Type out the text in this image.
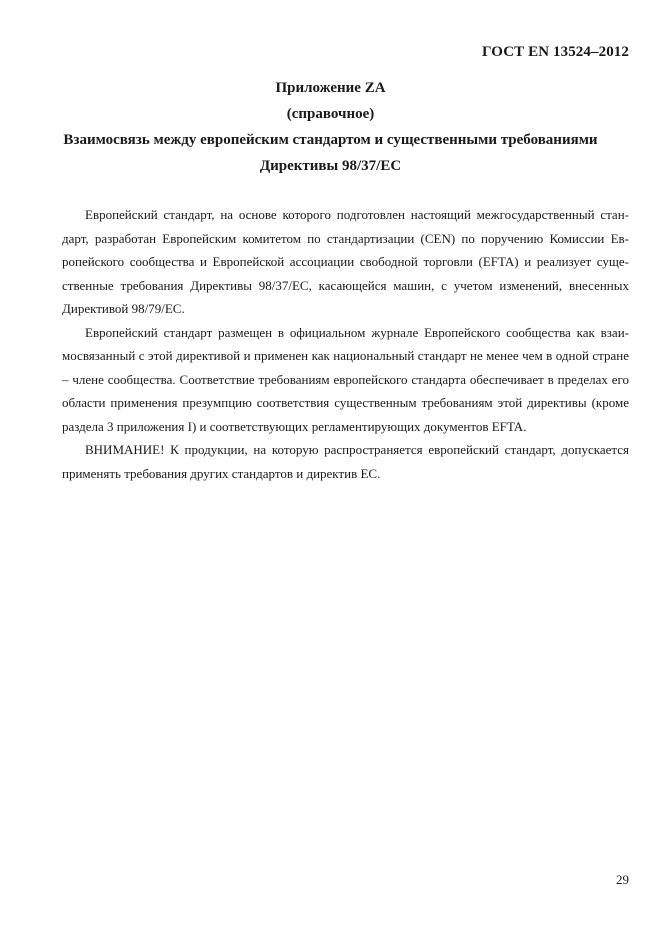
ГОСТ EN 13524–2012
Приложение ZA
(справочное)
Взаимосвязь между европейским стандартом и существенными требованиями
Директивы 98/37/ЕС

Европейский стандарт, на основе которого подготовлен настоящий межгосударственный стандарт, разработан Европейским комитетом по стандартизации (CEN) по поручению Комиссии Европейского сообщества и Европейской ассоциации свободной торговли (EFTA) и реализует существенные требования Директивы 98/37/ЕС, касающейся машин, с учетом изменений, внесенных Директивой 98/79/ЕС.

Европейский стандарт размещен в официальном журнале Европейского сообщества как взаимосвязанный с этой директивой и применен как национальный стандарт не менее чем в одной стране – члене сообщества. Соответствие требованиям европейского стандарта обеспечивает в пределах его области применения презумпцию соответствия существенным требованиям этой директивы (кроме раздела 3 приложения I) и соответствующих регламентирующих документов EFTA.

ВНИМАНИЕ! К продукции, на которую распространяется европейский стандарт, допускается применять требования других стандартов и директив ЕС.

29
